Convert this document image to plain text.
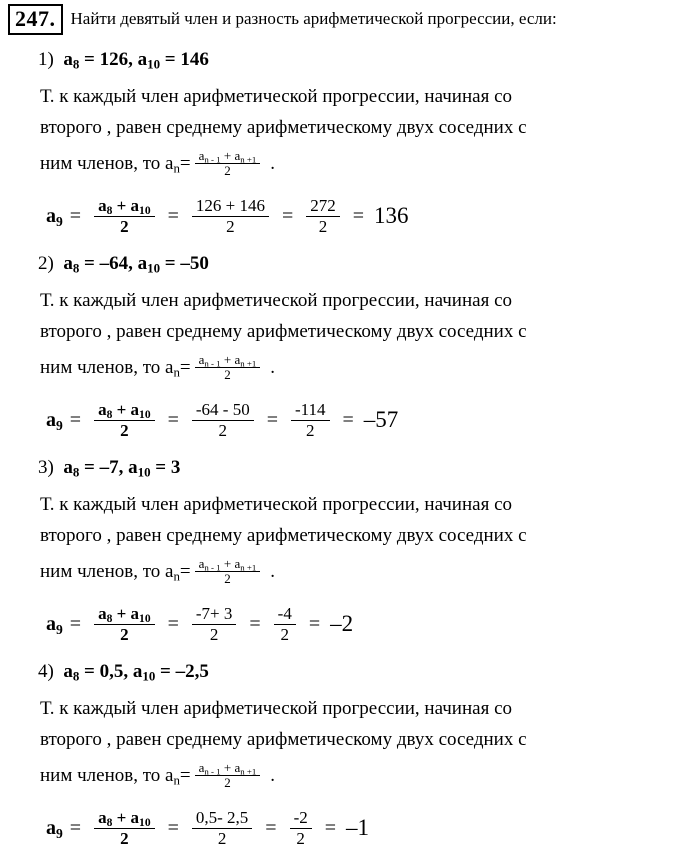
247. Найти девятый член и разность арифметической прогрессии, если:
1) $a_8 = 126$, $a_{10} = 146$
Т. к каждый член арифметической прогрессии, начиная со
второго , равен среднему арифметическому двух соседних с
ним членов, то $a_n= \frac{a_{n - 1} + a_{n +1}}{2}$ .
$a_9 = \frac{a_8 + a_{10}}{2} = \frac{126 + 146}{2} = \frac{272}{2} = 136$
2) $a_8 = -64$, $a_{10} = -50$
Т. к каждый член арифметической прогрессии, начиная со
второго , равен среднему арифметическому двух соседних с
ним членов, то $a_n= \frac{a_{n - 1} + a_{n +1}}{2}$ .
$a_9 = \frac{a_8 + a_{10}}{2} = \frac{-64 - 50}{2} = \frac{-114}{2} = -57$
3) $a_8 = -7$, $a_{10} = 3$
Т. к каждый член арифметической прогрессии, начиная со
второго , равен среднему арифметическому двух соседних с
ним членов, то $a_n= \frac{a_{n - 1} + a_{n +1}}{2}$ .
$a_9 = \frac{a_8 + a_{10}}{2} = \frac{-7+ 3}{2} = \frac{-4}{2} = -2$
4) $a_8 = 0,5$, $a_{10} = -2,5$
Т. к каждый член арифметической прогрессии, начиная со
второго , равен среднему арифметическому двух соседних с
ним членов, то $a_n= \frac{a_{n - 1} + a_{n +1}}{2}$ .
$a_9 = \frac{a_8 + a_{10}}{2} = \frac{0,5- 2,5}{2} = \frac{-2}{2} = -1$
